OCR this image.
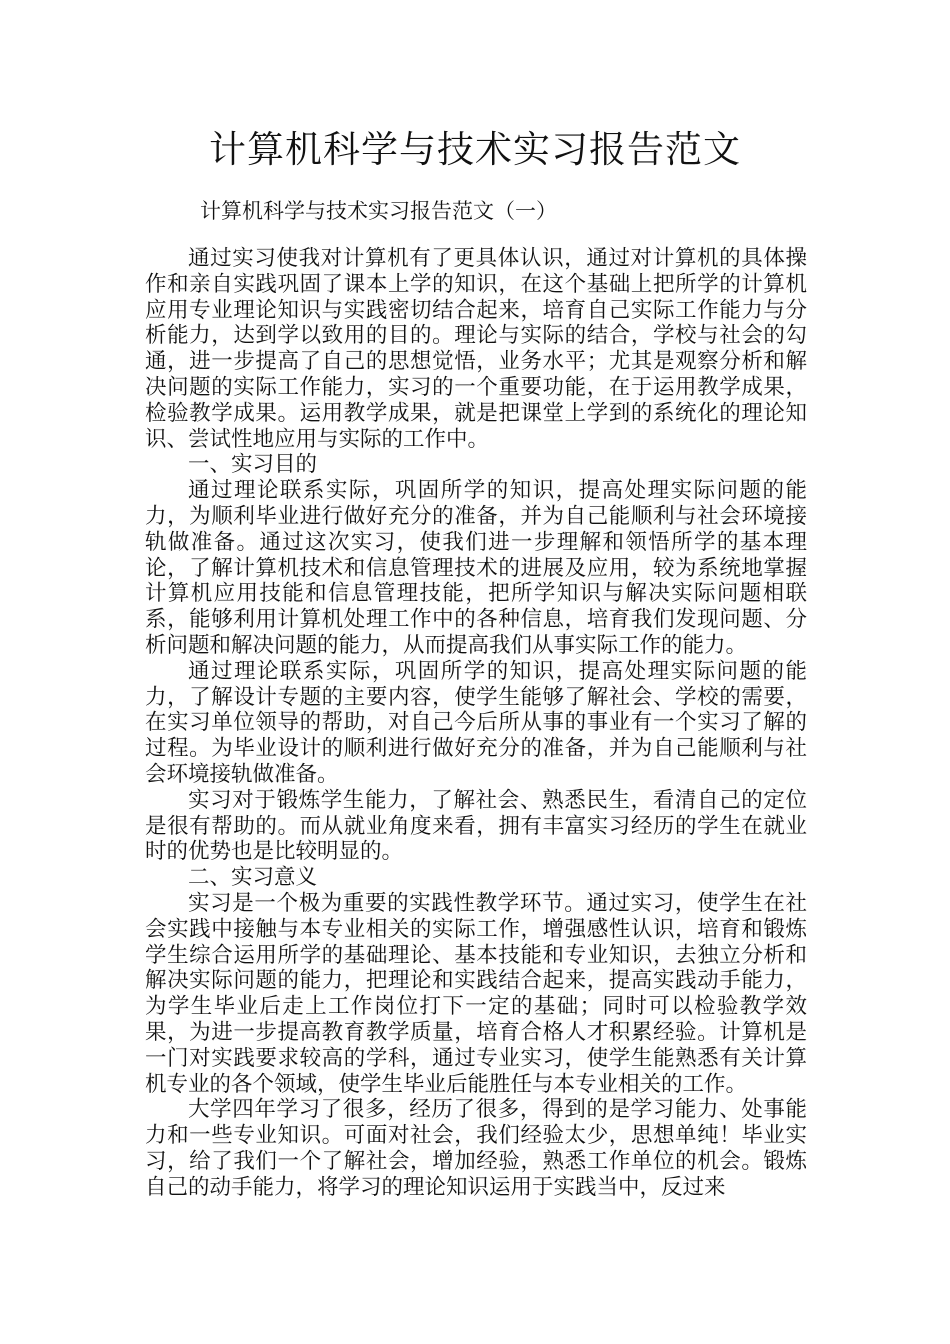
计算机科学与技术实习报告范文

计算机科学与技术实习报告范文（一）

通过实习使我对计算机有了更具体认识，通过对计算机的具体操作和亲自实践巩固了课本上学的知识，在这个基础上把所学的计算机应用专业理论知识与实践密切结合起来，培育自己实际工作能力与分析能力，达到学以致用的目的。理论与实际的结合，学校与社会的勾通，进一步提高了自己的思想觉悟，业务水平；尤其是观察分析和解决问题的实际工作能力，实习的一个重要功能，在于运用教学成果，检验教学成果。运用教学成果，就是把课堂上学到的系统化的理论知识、尝试性地应用与实际的工作中。

一、实习目的

通过理论联系实际，巩固所学的知识，提高处理实际问题的能力，为顺利毕业进行做好充分的准备，并为自己能顺利与社会环境接轨做准备。通过这次实习，使我们进一步理解和领悟所学的基本理论，了解计算机技术和信息管理技术的进展及应用，较为系统地掌握计算机应用技能和信息管理技能，把所学知识与解决实际问题相联系，能够利用计算机处理工作中的各种信息，培育我们发现问题、分析问题和解决问题的能力，从而提高我们从事实际工作的能力。

通过理论联系实际，巩固所学的知识，提高处理实际问题的能力，了解设计专题的主要内容，使学生能够了解社会、学校的需要，在实习单位领导的帮助，对自己今后所从事的事业有一个实习了解的过程。为毕业设计的顺利进行做好充分的准备，并为自己能顺利与社会环境接轨做准备。

实习对于锻炼学生能力，了解社会、熟悉民生，看清自己的定位是很有帮助的。而从就业角度来看，拥有丰富实习经历的学生在就业时的优势也是比较明显的。

二、实习意义

实习是一个极为重要的实践性教学环节。通过实习，使学生在社会实践中接触与本专业相关的实际工作，增强感性认识，培育和锻炼学生综合运用所学的基础理论、基本技能和专业知识，去独立分析和解决实际问题的能力，把理论和实践结合起来，提高实践动手能力，为学生毕业后走上工作岗位打下一定的基础；同时可以检验教学效果，为进一步提高教育教学质量，培育合格人才积累经验。计算机是一门对实践要求较高的学科，通过专业实习，使学生能熟悉有关计算机专业的各个领域，使学生毕业后能胜任与本专业相关的工作。

大学四年学习了很多，经历了很多，得到的是学习能力、处事能力和一些专业知识。可面对社会，我们经验太少，思想单纯！毕业实习，给了我们一个了解社会，增加经验，熟悉工作单位的机会。锻炼自己的动手能力，将学习的理论知识运用于实践当中，反过来
